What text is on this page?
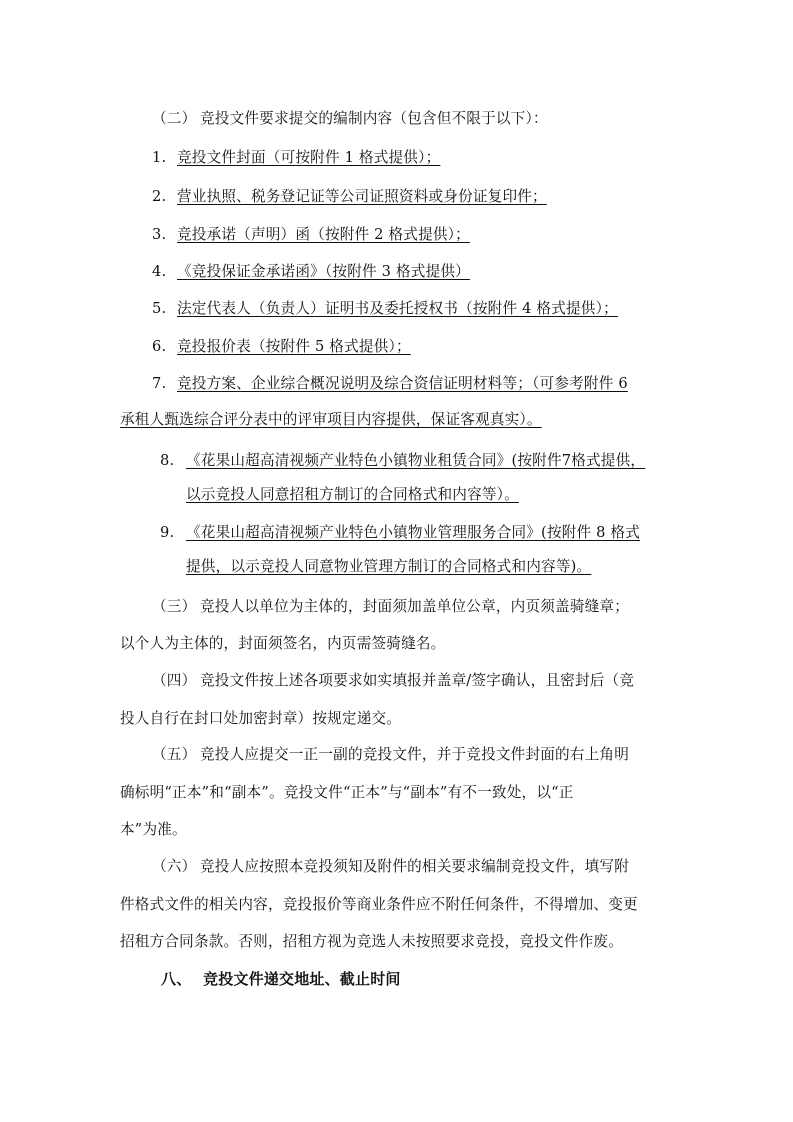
（二） 竞投文件要求提交的编制内容（包含但不限于以下）：
1. 竞投文件封面（可按附件 1 格式提供）；
2. 营业执照、税务登记证等公司证照资料或身份证复印件；
3. 竞投承诺（声明）函（按附件 2 格式提供）；
4. 《竞投保证金承诺函》（按附件 3 格式提供）
5. 法定代表人（负责人）证明书及委托授权书（按附件 4 格式提供）；
6. 竞投报价表（按附件 5 格式提供）；
7. 竞投方案、企业综合概况说明及综合资信证明材料等；（可参考附件 6
承租人甄选综合评分表中的评审项目内容提供，保证客观真实）。
8. 《花果山超高清视频产业特色小镇物业租赁合同》(按附件7格式提供，
以示竞投人同意招租方制订的合同格式和内容等）。
9. 《花果山超高清视频产业特色小镇物业管理服务合同》(按附件 8 格式
提供，以示竞投人同意物业管理方制订的合同格式和内容等)。
（三） 竞投人以单位为主体的，封面须加盖单位公章，内页须盖骑缝章；
以个人为主体的，封面须签名，内页需签骑缝名。
（四） 竞投文件按上述各项要求如实填报并盖章/签字确认，且密封后（竞
投人自行在封口处加密封章）按规定递交。
（五） 竞投人应提交一正一副的竞投文件，并于竞投文件封面的右上角明
确标明“正本”和“副本”。竞投文件“正本”与“副本”有不一致处，以“正
本”为准。
（六） 竞投人应按照本竞投须知及附件的相关要求编制竞投文件，填写附
件格式文件的相关内容，竞投报价等商业条件应不附任何条件，不得增加、变更
招租方合同条款。否则，招租方视为竞选人未按照要求竞投，竞投文件作废。
八、 竞投文件递交地址、截止时间
